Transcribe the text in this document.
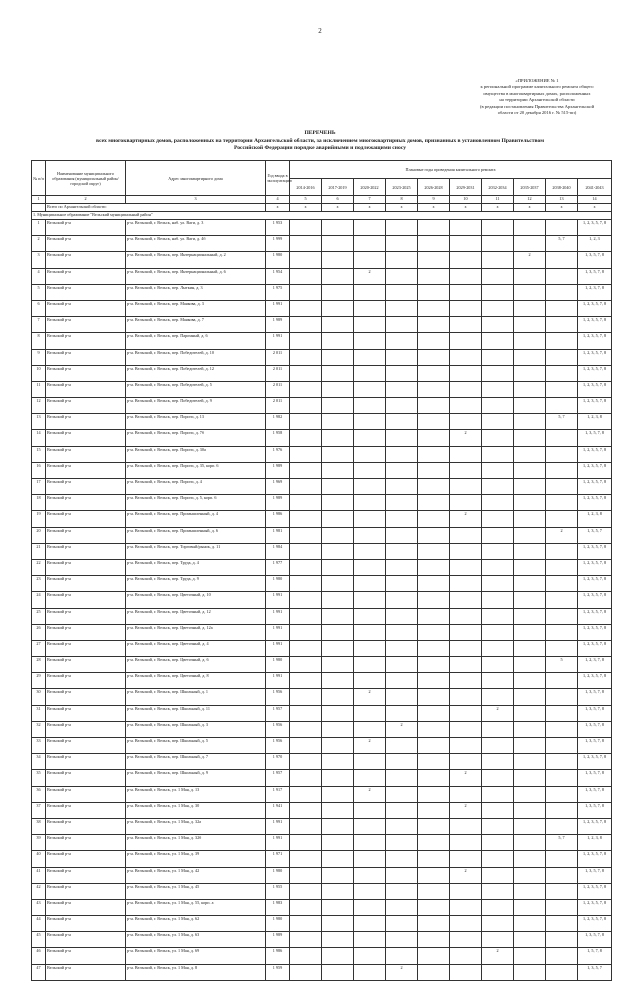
2
«ПРИЛОЖЕНИЕ № 1
к региональной программе капитального ремонта общего
имущества в многоквартирных домах, расположенных
на территории Архангельской области
(в редакции постановления Правительства Архангельской
области от 20 декабря 2016 г. № 515-пп)
ПЕРЕЧЕНЬ
всех многоквартирных домов, расположенных на территории Архангельской области, за исключением многоквартирных домов, признанных в установленном Правительством
Российской Федерации порядке аварийными и подлежащими сносу
№ п/п	Наименование муниципального образования (муниципальный район/городской округ)	Адрес многоквартирного дома	Год ввода в эксплуатацию	Плановые годы проведения капитального ремонта									
				2014-2016	2017-2019	2020-2022	2023-2025	2026-2028	2029-2031	2032-2034	2035-2037	2038-2040	2041-2043
1	2	3	4	5	6	7	8	9	10	11	12	13	14
	Всего по Архангельской области:		х	х	х	х	х	х	х	х	х	х	х
1. Муниципальное образование "Вельский муниципальный район"													
1	Вельский р-н	р-н. Вельский, г. Вельск, наб. ул. Ваги, д. 3	1 953										1, 2, 3, 5, 7, 8
2	Вельский р-н	р-н. Вельский, г. Вельск, наб. ул. Ваги, д. 4б	1 999									5, 7	1, 2, 3
3	Вельский р-н	р-н. Вельский, г. Вельск, пер. Интернациональный, д. 2	1 980								2		1, 3, 5, 7, 8
4	Вельский р-н	р-н. Вельский, г. Вельск, пер. Интернациональный, д. 6	1 954			2							1, 3, 5, 7, 8
5	Вельский р-н	р-н. Вельский, г. Вельск, пер. Лыткин, д. 3	1 975										1, 2, 3, 7, 8
6	Вельский р-н	р-н. Вельский, г. Вельск, пер. Маякова, д. 3	1 991										1, 2, 3, 5, 7, 8
7	Вельский р-н	р-н. Вельский, г. Вельск, пер. Маякова, д. 7	1 989										1, 2, 3, 5, 7, 8
8	Вельский р-н	р-н. Вельский, г. Вельск, пер. Паромный, д. 6	1 991										1, 2, 3, 5, 7, 8
9	Вельский р-н	р-н. Вельский, г. Вельск, пер. Победителей, д. 10	2 011										1, 2, 3, 5, 7, 8
10	Вельский р-н	р-н. Вельский, г. Вельск, пер. Победителей, д. 12	2 011										1, 2, 3, 5, 7, 8
11	Вельский р-н	р-н. Вельский, г. Вельск, пер. Победителей, д. 5	2 011										1, 2, 3, 5, 7, 8
12	Вельский р-н	р-н. Вельский, г. Вельск, пер. Победителей, д. 9	2 011										1, 2, 3, 5, 7, 8
13	Вельский р-н	р-н. Вельский, г. Вельск, пер. Пороги, д. 13	1 982									5, 7	1, 2, 3, 8
14	Вельский р-н	р-н. Вельский, г. Вельск, пер. Пороги, д. 7б	1 958						2				1, 3, 5, 7, 8
15	Вельский р-н	р-н. Вельский, г. Вельск, пер. Пороги, д. 30а	1 976										1, 2, 3, 5, 7, 8
16	Вельский р-н	р-н. Вельский, г. Вельск, пер. Пороги, д. 35, корп. 6	1 989										1, 2, 3, 5, 7, 8
17	Вельский р-н	р-н. Вельский, г. Вельск, пер. Пороги, д. 4	1 969										1, 2, 3, 5, 7, 8
18	Вельский р-н	р-н. Вельский, г. Вельск, пер. Пороги, д. 5, корп. 6	1 989										1, 2, 3, 5, 7, 8
19	Вельский р-н	р-н. Вельский, г. Вельск, пер. Промышленный, д. 4	1 986						2				1, 2, 3, 8
20	Вельский р-н	р-н. Вельский, г. Вельск, пер. Промышленный, д. 6	1 981									2	1, 3, 5, 7
21	Вельский р-н	р-н. Вельский, г. Вельск, пер. Торговый/рынок, д. 11	1 984										1, 2, 3, 5, 7, 8
22	Вельский р-н	р-н. Вельский, г. Вельск, пер. Труда, д. 4	1 977										1, 2, 3, 5, 7, 8
23	Вельский р-н	р-н. Вельский, г. Вельск, пер. Труда, д. 9	1 980										1, 2, 3, 5, 7, 8
24	Вельский р-н	р-н. Вельский, г. Вельск, пер. Цветочный, д. 10	1 991										1, 2, 3, 5, 7, 8
25	Вельский р-н	р-н. Вельский, г. Вельск, пер. Цветочный, д. 12	1 991										1, 2, 3, 5, 7, 8
26	Вельский р-н	р-н. Вельский, г. Вельск, пер. Цветочный, д. 12а	1 991										1, 2, 3, 5, 7, 8
27	Вельский р-н	р-н. Вельский, г. Вельск, пер. Цветочный, д. 4	1 991										1, 2, 3, 5, 7, 8
28	Вельский р-н	р-н. Вельский, г. Вельск, пер. Цветочный, д. 6	1 980									5	1, 2, 3, 7, 8
29	Вельский р-н	р-н. Вельский, г. Вельск, пер. Цветочный, д. 8	1 991										1, 2, 3, 5, 7, 8
30	Вельский р-н	р-н. Вельский, г. Вельск, пер. Школьный, д. 1	1 956			2							1, 3, 5, 7, 8
31	Вельский р-н	р-н. Вельский, г. Вельск, пер. Школьный, д. 11	1 957							2			1, 3, 5, 7, 8
32	Вельский р-н	р-н. Вельский, г. Вельск, пер. Школьный, д. 3	1 956				2						1, 3, 5, 7, 8
33	Вельский р-н	р-н. Вельский, г. Вельск, пер. Школьный, д. 5	1 956			2							1, 3, 5, 7, 8
34	Вельский р-н	р-н. Вельский, г. Вельск, пер. Школьный, д. 7	1 970										1, 2, 3, 5, 7, 8
35	Вельский р-н	р-н. Вельский, г. Вельск, пер. Школьный, д. 9	1 957						2				1, 3, 5, 7, 8
36	Вельский р-н	р-н. Вельский, г. Вельск, ул. 1 Мая, д. 13	1 917			2							1, 3, 5, 7, 8
37	Вельский р-н	р-н. Вельский, г. Вельск, ул. 1 Мая, д. 30	1 941						2				1, 3, 5, 7, 8
38	Вельский р-н	р-н. Вельский, г. Вельск, ул. 1 Мая, д. 32а	1 991										1, 2, 3, 5, 7, 8
39	Вельский р-н	р-н. Вельский, г. Вельск, ул. 1 Мая, д. 32б	1 991									5, 7	1, 2, 3, 8
40	Вельский р-н	р-н. Вельский, г. Вельск, ул. 1 Мая, д. 39	1 971										1, 2, 3, 5, 7, 8
41	Вельский р-н	р-н. Вельский, г. Вельск, ул. 1 Мая, д. 42	1 980						2				1, 3, 5, 7, 8
42	Вельский р-н	р-н. Вельский, г. Вельск, ул. 1 Мая, д. 45	1 955										1, 2, 3, 5, 7, 8
43	Вельский р-н	р-н. Вельский, г. Вельск, ул. 1 Мая, д. 55, корп. а	1 983										1, 2, 3, 5, 7, 8
44	Вельский р-н	р-н. Вельский, г. Вельск, ул. 1 Мая, д. 62	1 980										1, 2, 3, 5, 7, 8
45	Вельский р-н	р-н. Вельский, г. Вельск, ул. 1 Мая, д. 63	1 989										1, 3, 5, 7, 8
46	Вельский р-н	р-н. Вельский, г. Вельск, ул. 1 Мая, д. 69	1 986							2			1, 5, 7, 8
47	Вельский р-н	р-н. Вельский, г. Вельск, ул. 1 Мая, д. 8	1 959				2						1, 3, 5, 7
